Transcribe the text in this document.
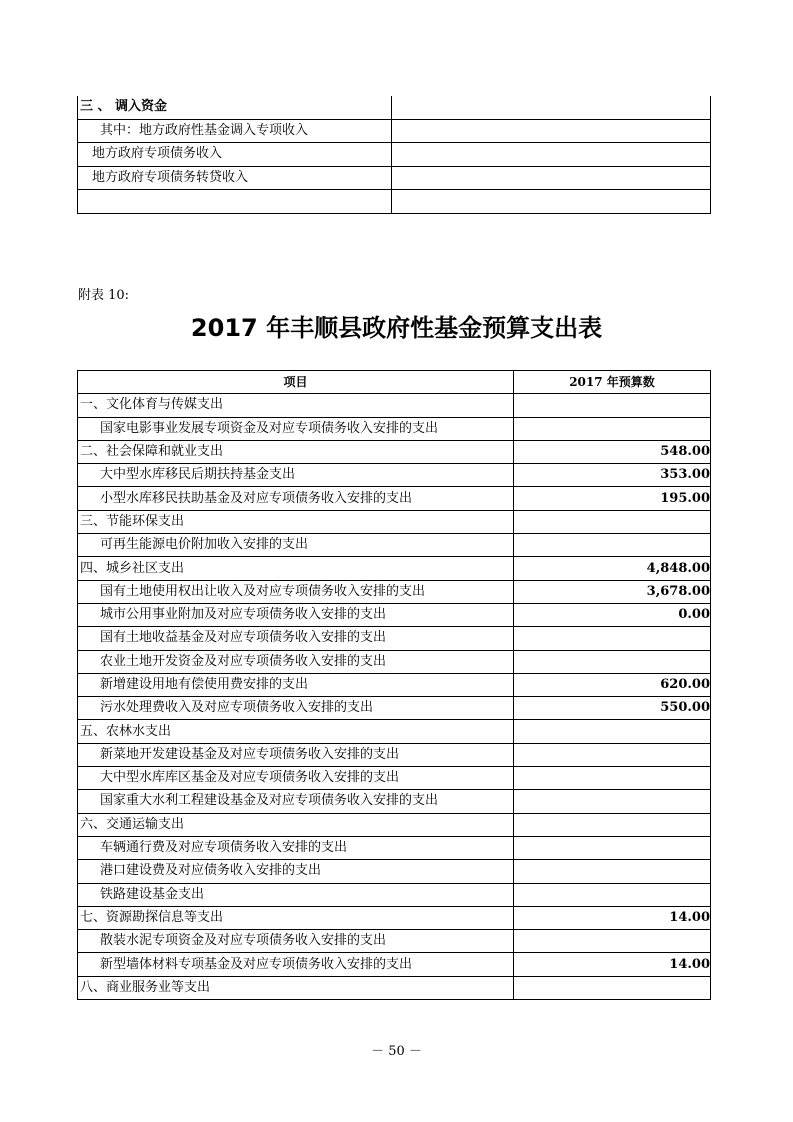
三 、 调入资金	
其中：地方政府性基金调入专项收入	
地方政府专项债务收入	
地方政府专项债务转贷收入	

附表 10:
2017 年丰顺县政府性基金预算支出表
项目	2017 年预算数
一、文化体育与传媒支出	
国家电影事业发展专项资金及对应专项债务收入安排的支出	
二、社会保障和就业支出	548.00
大中型水库移民后期扶持基金支出	353.00
小型水库移民扶助基金及对应专项债务收入安排的支出	195.00
三、节能环保支出	
可再生能源电价附加收入安排的支出	
四、城乡社区支出	4,848.00
国有土地使用权出让收入及对应专项债务收入安排的支出	3,678.00
城市公用事业附加及对应专项债务收入安排的支出	0.00
国有土地收益基金及对应专项债务收入安排的支出	
农业土地开发资金及对应专项债务收入安排的支出	
新增建设用地有偿使用费安排的支出	620.00
污水处理费收入及对应专项债务收入安排的支出	550.00
五、农林水支出	
新菜地开发建设基金及对应专项债务收入安排的支出	
大中型水库库区基金及对应专项债务收入安排的支出	
国家重大水利工程建设基金及对应专项债务收入安排的支出	
六、交通运输支出	
车辆通行费及对应专项债务收入安排的支出	
港口建设费及对应债务收入安排的支出	
铁路建设基金支出	
七、资源勘探信息等支出	14.00
散装水泥专项资金及对应专项债务收入安排的支出	
新型墙体材料专项基金及对应专项债务收入安排的支出	14.00
八、商业服务业等支出	
－ 50 －
